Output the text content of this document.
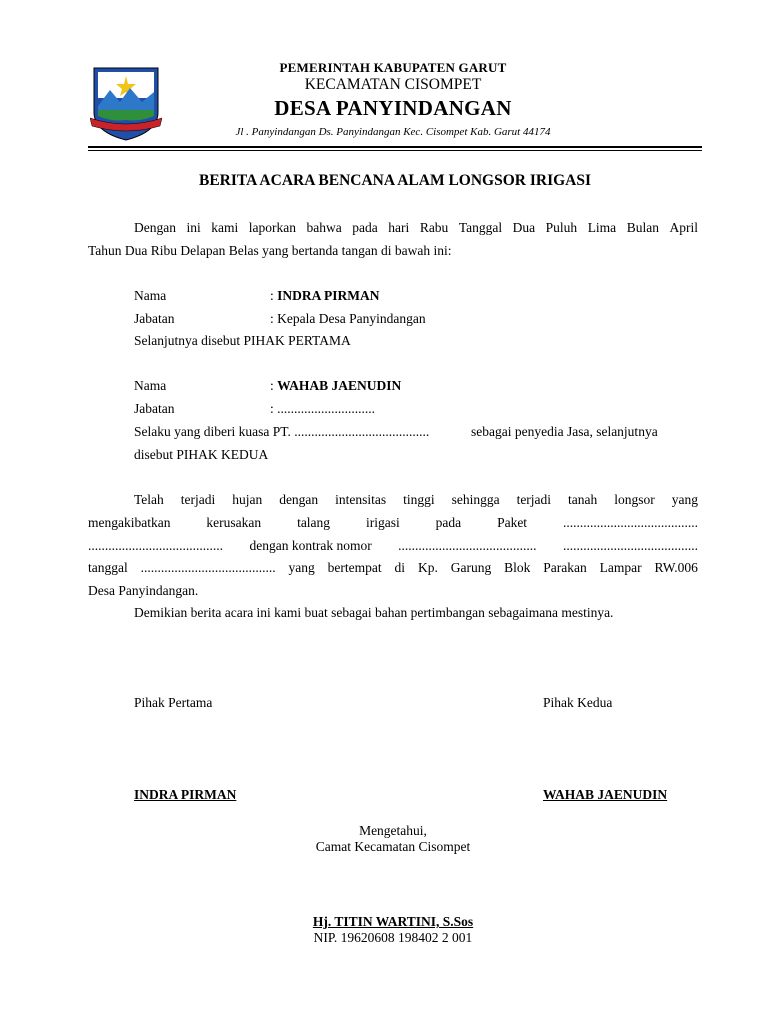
PEMERINTAH KABUPATEN GARUT
KECAMATAN CISOMPET
DESA PANYINDANGAN
Jl . Panyindangan Ds. Panyindangan Kec. Cisompet Kab. Garut 44174
BERITA ACARA BENCANA ALAM LONGSOR IRIGASI
Dengan ini kami laporkan bahwa pada hari Rabu Tanggal Dua Puluh Lima Bulan April
Tahun Dua Ribu Delapan Belas yang bertanda tangan di bawah ini:
Nama	: INDRA PIRMAN
Jabatan	: Kepala Desa Panyindangan
Selanjutnya disebut PIHAK PERTAMA
Nama	: WAHAB JAENUDIN
Jabatan	: .............................
Selaku yang diberi kuasa PT. ........................................	sebagai penyedia Jasa, selanjutnya
disebut PIHAK KEDUA
Telah terjadi hujan dengan intensitas tinggi sehingga terjadi tanah longsor yang
mengakibatkan	kerusakan	talang	irigasi	pada	Paket	........................................
........................................ dengan kontrak nomor ......................................... ........................................
tanggal ........................................ yang bertempat di Kp. Garung Blok Parakan Lampar RW.006
Desa Panyindangan.
Demikian berita acara ini kami buat sebagai bahan pertimbangan sebagaimana mestinya.
Pihak Pertama	Pihak Kedua
INDRA PIRMAN	WAHAB JAENUDIN
Mengetahui,
Camat Kecamatan Cisompet
Hj. TITIN WARTINI, S.Sos
NIP. 19620608 198402 2 001
